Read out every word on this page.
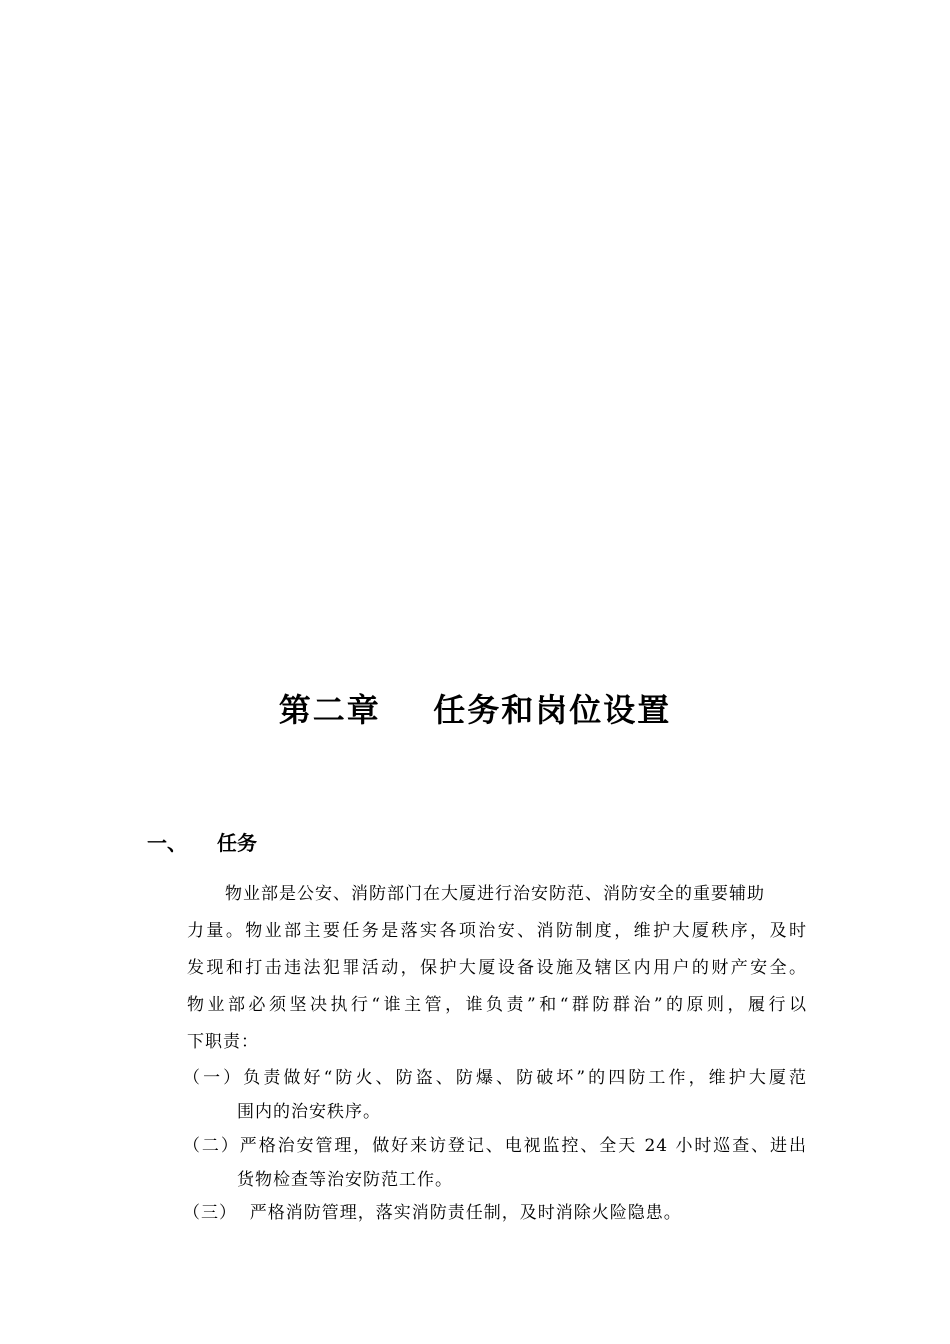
第二章    任务和岗位设置
一、 任务
物业部是公安、消防部门在大厦进行治安防范、消防安全的重要辅助
力量。物业部主要任务是落实各项治安、消防制度，维护大厦秩序，及时
发现和打击违法犯罪活动，保护大厦设备设施及辖区内用户的财产安全。
物业部必须坚决执行“谁主管，谁负责”和“群防群治”的原则，履行以
下职责：
（一）负责做好“防火、防盗、防爆、防破坏”的四防工作，维护大厦范
围内的治安秩序。
（二）严格治安管理，做好来访登记、电视监控、全天 24 小时巡查、进出
货物检查等治安防范工作。
（三）  严格消防管理，落实消防责任制，及时消除火险隐患。
